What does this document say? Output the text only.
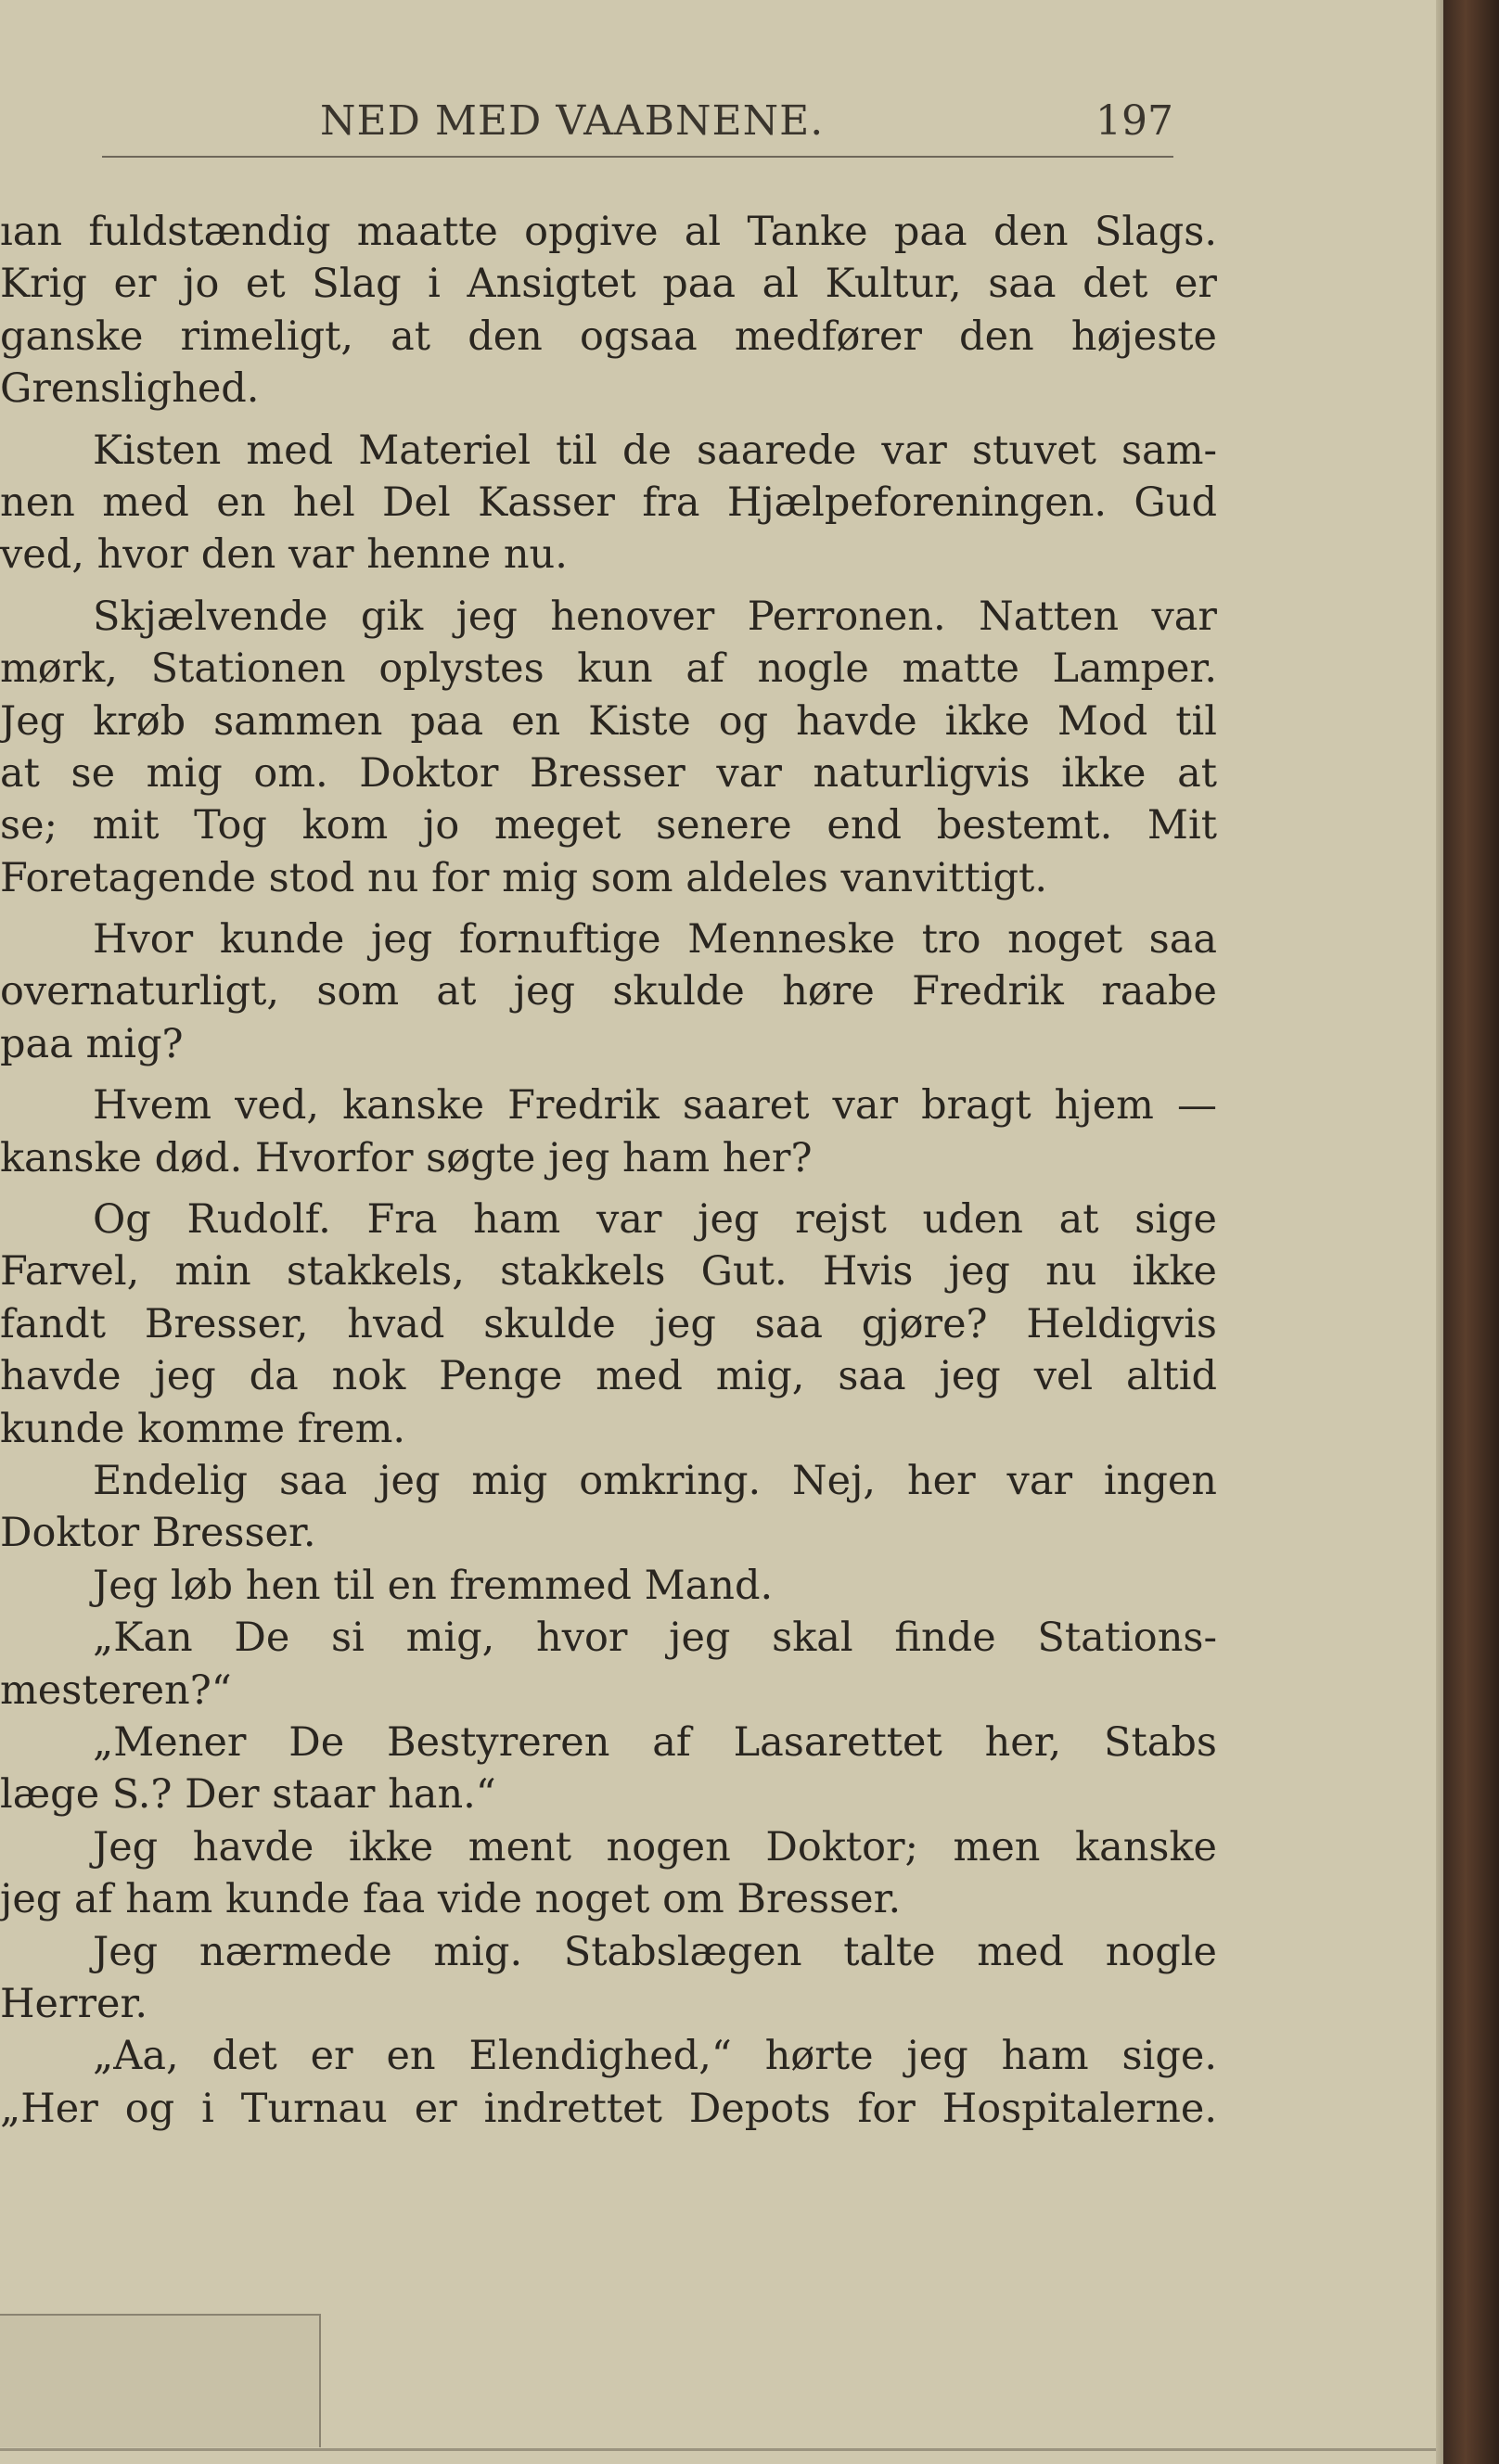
NED MED VAABNENE.	197
ıan fuldstændig maatte opgive al Tanke paa den Slags.
Krig er jo et Slag i Ansigtet paa al Kultur, saa det er
ganske rimeligt, at den ogsaa medfører den højeste
Grenslighed.
Kisten med Materiel til de saarede var stuvet sam-
nen med en hel Del Kasser fra Hjælpeforeningen. Gud
ved, hvor den var henne nu.
Skjælvende gik jeg henover Perronen. Natten var
mørk, Stationen oplystes kun af nogle matte Lamper.
Jeg krøb sammen paa en Kiste og havde ikke Mod til
at se mig om. Doktor Bresser var naturligvis ikke at
se; mit Tog kom jo meget senere end bestemt. Mit
Foretagende stod nu for mig som aldeles vanvittigt.
Hvor kunde jeg fornuftige Menneske tro noget saa
overnaturligt, som at jeg skulde høre Fredrik raabe
paa mig?
Hvem ved, kanske Fredrik saaret var bragt hjem —
kanske død. Hvorfor søgte jeg ham her?
Og Rudolf. Fra ham var jeg rejst uden at sige
Farvel, min stakkels, stakkels Gut. Hvis jeg nu ikke
fandt Bresser, hvad skulde jeg saa gjøre? Heldigvis
havde jeg da nok Penge med mig, saa jeg vel altid
kunde komme frem.
Endelig saa jeg mig omkring. Nej, her var ingen
Doktor Bresser.
Jeg løb hen til en fremmed Mand.
„Kan De si mig, hvor jeg skal finde Stations-
mesteren?“
„Mener De Bestyreren af Lasarettet her, Stabs
læge S.? Der staar han.“
Jeg havde ikke ment nogen Doktor; men kanske
jeg af ham kunde faa vide noget om Bresser.
Jeg nærmede mig. Stabslægen talte med nogle
Herrer.
„Aa, det er en Elendighed,“ hørte jeg ham sige.
„Her og i Turnau er indrettet Depots for Hospitalerne.
